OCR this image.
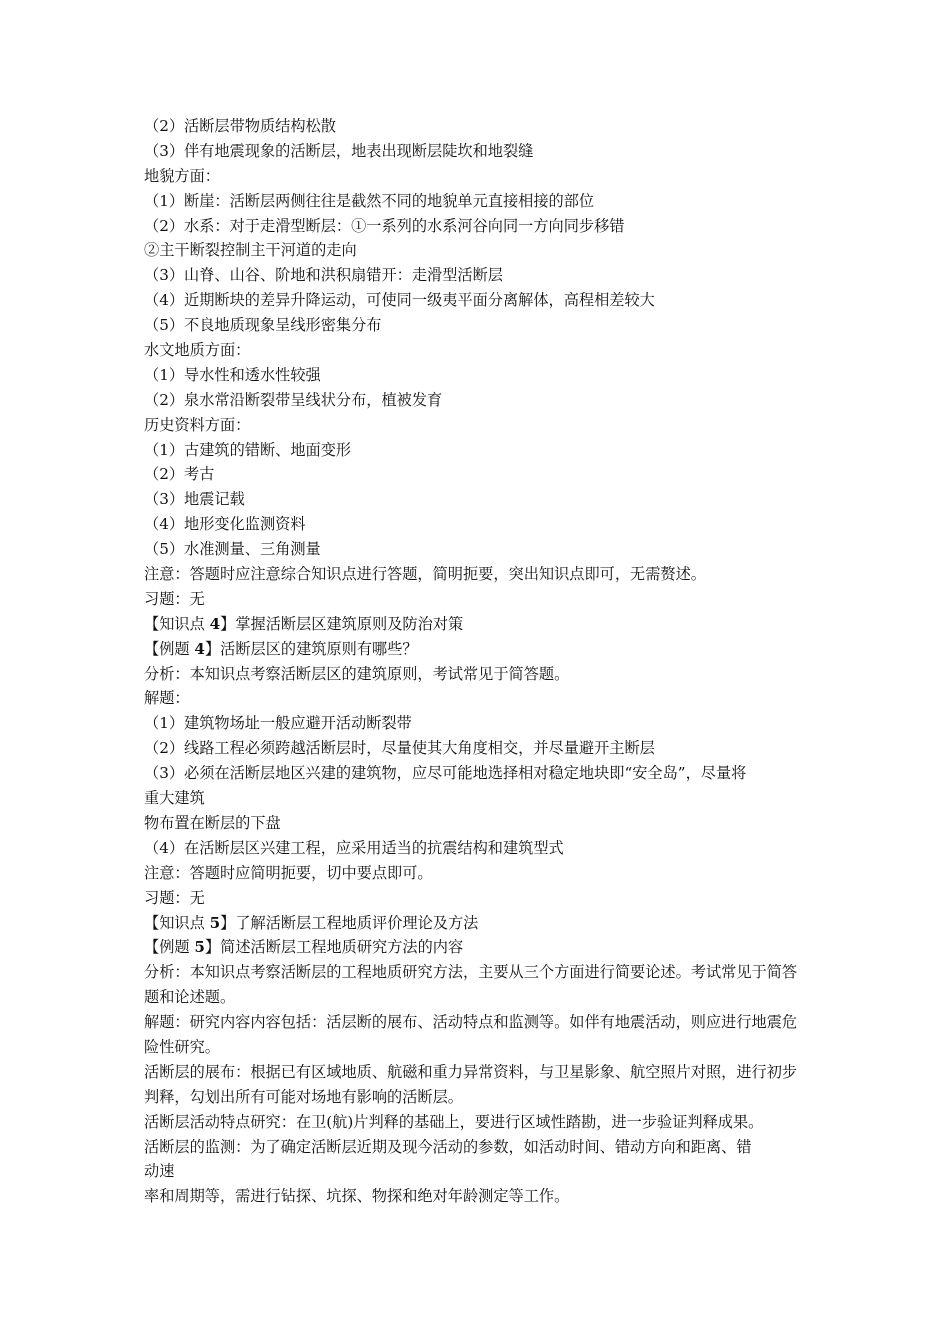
（2）活断层带物质结构松散
（3）伴有地震现象的活断层，地表出现断层陡坎和地裂缝
地貌方面：
（1）断崖：活断层两侧往往是截然不同的地貌单元直接相接的部位
（2）水系：对于走滑型断层：①一系列的水系河谷向同一方向同步移错
②主干断裂控制主干河道的走向
（3）山脊、山谷、阶地和洪积扇错开：走滑型活断层
（4）近期断块的差异升降运动，可使同一级夷平面分离解体，高程相差较大
（5）不良地质现象呈线形密集分布
水文地质方面：
（1）导水性和透水性较强
（2）泉水常沿断裂带呈线状分布，植被发育
历史资料方面：
（1）古建筑的错断、地面变形
（2）考古
（3）地震记载
（4）地形变化监测资料
（5）水准测量、三角测量
注意：答题时应注意综合知识点进行答题，简明扼要，突出知识点即可，无需赘述。
习题：无
【知识点 4】掌握活断层区建筑原则及防治对策
【例题 4】活断层区的建筑原则有哪些？
分析：本知识点考察活断层区的建筑原则，考试常见于简答题。
解题：
（1）建筑物场址一般应避开活动断裂带
（2）线路工程必须跨越活断层时，尽量使其大角度相交，并尽量避开主断层
（3）必须在活断层地区兴建的建筑物，应尽可能地选择相对稳定地块即“安全岛”，尽量将
重大建筑
物布置在断层的下盘
（4）在活断层区兴建工程，应采用适当的抗震结构和建筑型式
注意：答题时应简明扼要，切中要点即可。
习题：无
【知识点 5】了解活断层工程地质评价理论及方法
【例题 5】简述活断层工程地质研究方法的内容
分析：本知识点考察活断层的工程地质研究方法，主要从三个方面进行简要论述。考试常见于简答题和论述题。
解题：研究内容内容包括：活层断的展布、活动特点和监测等。如伴有地震活动，则应进行地震危险性研究。
活断层的展布：根据已有区域地质、航磁和重力异常资料，与卫星影象、航空照片对照，进行初步判释，勾划出所有可能对场地有影响的活断层。
活断层活动特点研究：在卫(航)片判释的基础上，要进行区域性踏勘，进一步验证判释成果。
活断层的监测：为了确定活断层近期及现今活动的参数，如活动时间、错动方向和距离、错
动速
率和周期等，需进行钻探、坑探、物探和绝对年龄测定等工作。
